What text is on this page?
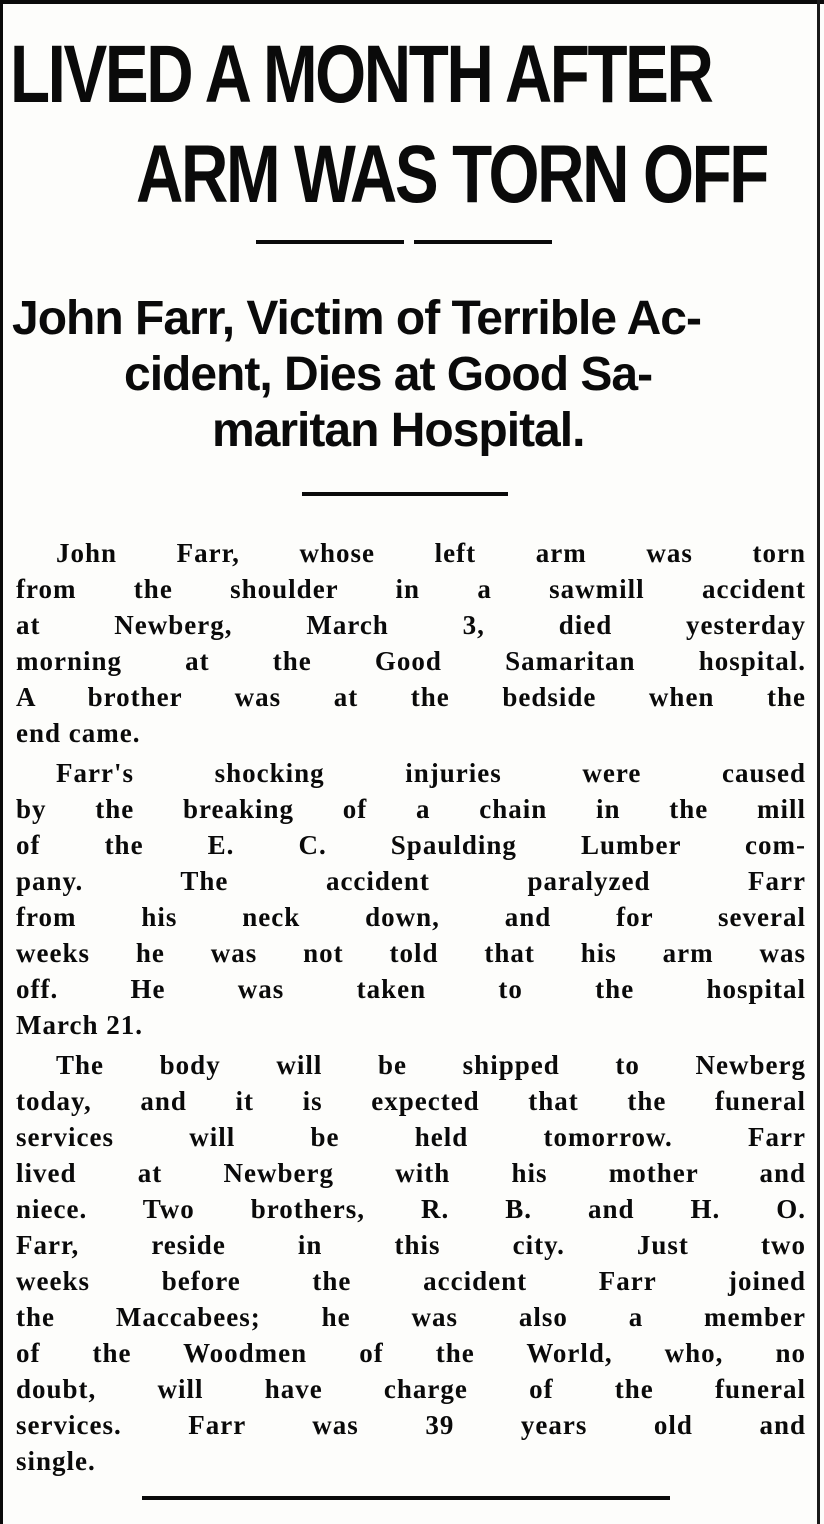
LIVED A MONTH AFTER
ARM WAS TORN OFF
John Farr, Victim of Terrible Ac-
cident, Dies at Good Sa-
maritan Hospital.
John Farr, whose left arm was torn
from the shoulder in a sawmill accident
at Newberg, March 3, died yesterday
morning at the Good Samaritan hospital.
A brother was at the bedside when the
end came.
Farr's shocking injuries were caused
by the breaking of a chain in the mill
of the E. C. Spaulding Lumber com-
pany. The accident paralyzed Farr
from his neck down, and for several
weeks he was not told that his arm was
off. He was taken to the hospital
March 21.
The body will be shipped to Newberg
today, and it is expected that the funeral
services will be held tomorrow. Farr
lived at Newberg with his mother and
niece. Two brothers, R. B. and H. O.
Farr, reside in this city. Just two
weeks before the accident Farr joined
the Maccabees; he was also a member
of the Woodmen of the World, who, no
doubt, will have charge of the funeral
services. Farr was 39 years old and
single.
